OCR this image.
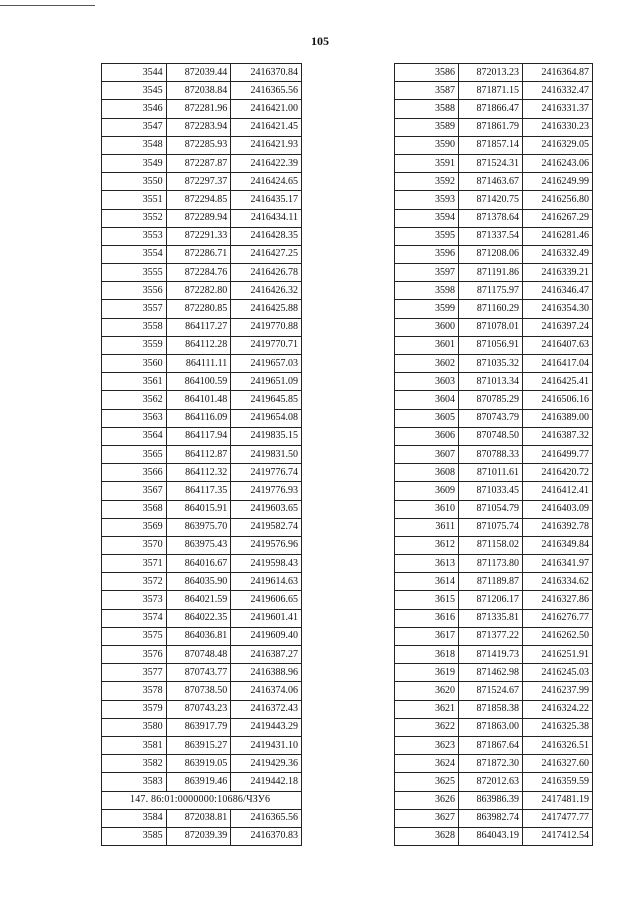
105
3544	872039.44	2416370.84
3545	872038.84	2416365.56
3546	872281.96	2416421.00
3547	872283.94	2416421.45
3548	872285.93	2416421.93
3549	872287.87	2416422.39
3550	872297.37	2416424.65
3551	872294.85	2416435.17
3552	872289.94	2416434.11
3553	872291.33	2416428.35
3554	872286.71	2416427.25
3555	872284.76	2416426.78
3556	872282.80	2416426.32
3557	872280.85	2416425.88
3558	864117.27	2419770.88
3559	864112.28	2419770.71
3560	864111.11	2419657.03
3561	864100.59	2419651.09
3562	864101.48	2419645.85
3563	864116.09	2419654.08
3564	864117.94	2419835.15
3565	864112.87	2419831.50
3566	864112.32	2419776.74
3567	864117.35	2419776.93
3568	864015.91	2419603.65
3569	863975.70	2419582.74
3570	863975.43	2419576.96
3571	864016.67	2419598.43
3572	864035.90	2419614.63
3573	864021.59	2419606.65
3574	864022.35	2419601.41
3575	864036.81	2419609.40
3576	870748.48	2416387.27
3577	870743.77	2416388.96
3578	870738.50	2416374.06
3579	870743.23	2416372.43
3580	863917.79	2419443.29
3581	863915.27	2419431.10
3582	863919.05	2419429.36
3583	863919.46	2419442.18
147. 86:01:0000000:10686/ЧЗУ6		
3584	872038.81	2416365.56
3585	872039.39	2416370.83
3586	872013.23	2416364.87
3587	871871.15	2416332.47
3588	871866.47	2416331.37
3589	871861.79	2416330.23
3590	871857.14	2416329.05
3591	871524.31	2416243.06
3592	871463.67	2416249.99
3593	871420.75	2416256.80
3594	871378.64	2416267.29
3595	871337.54	2416281.46
3596	871208.06	2416332.49
3597	871191.86	2416339.21
3598	871175.97	2416346.47
3599	871160.29	2416354.30
3600	871078.01	2416397.24
3601	871056.91	2416407.63
3602	871035.32	2416417.04
3603	871013.34	2416425.41
3604	870785.29	2416506.16
3605	870743.79	2416389.00
3606	870748.50	2416387.32
3607	870788.33	2416499.77
3608	871011.61	2416420.72
3609	871033.45	2416412.41
3610	871054.79	2416403.09
3611	871075.74	2416392.78
3612	871158.02	2416349.84
3613	871173.80	2416341.97
3614	871189.87	2416334.62
3615	871206.17	2416327.86
3616	871335.81	2416276.77
3617	871377.22	2416262.50
3618	871419.73	2416251.91
3619	871462.98	2416245.03
3620	871524.67	2416237.99
3621	871858.38	2416324.22
3622	871863.00	2416325.38
3623	871867.64	2416326.51
3624	871872.30	2416327.60
3625	872012.63	2416359.59
3626	863986.39	2417481.19
3627	863982.74	2417477.77
3628	864043.19	2417412.54
